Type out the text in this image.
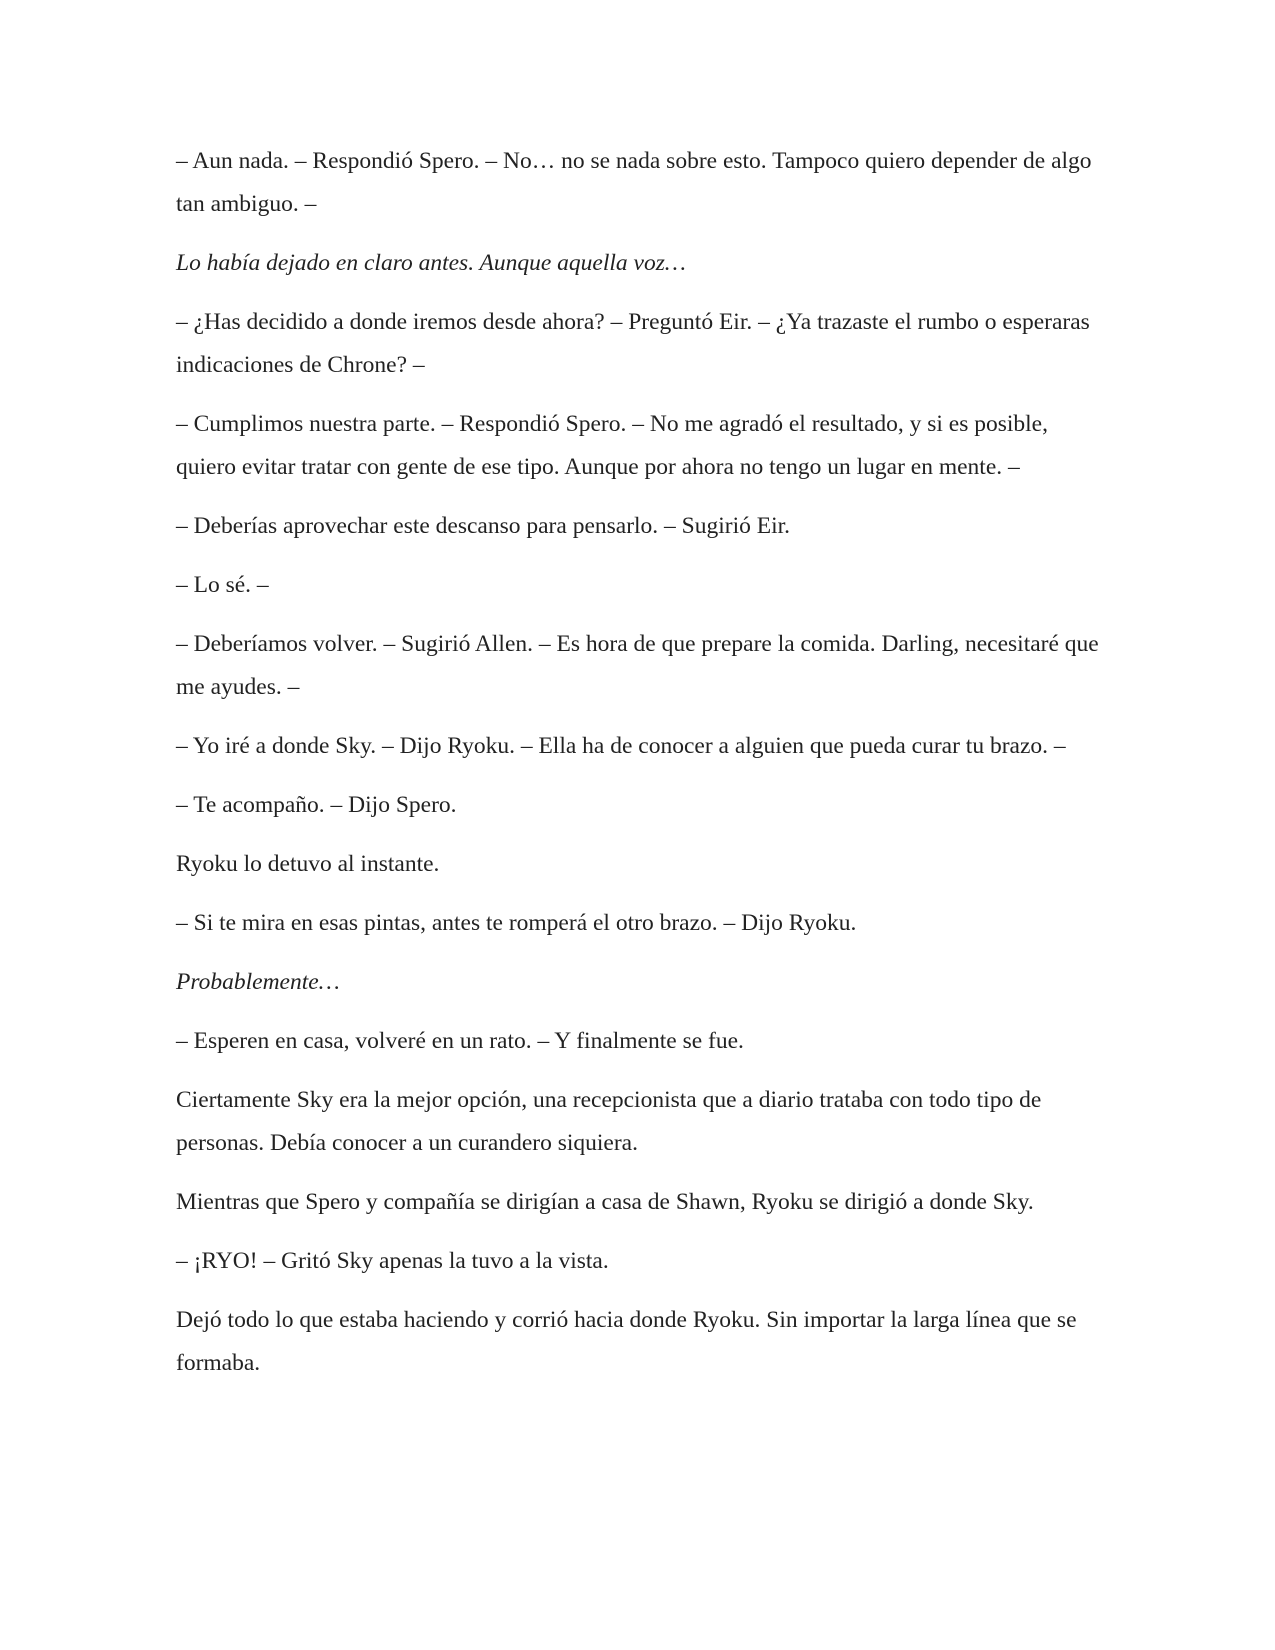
– Aun nada. – Respondió Spero. – No… no se nada sobre esto. Tampoco quiero depender de algo tan ambiguo. –

Lo había dejado en claro antes. Aunque aquella voz…

– ¿Has decidido a donde iremos desde ahora? – Preguntó Eir. – ¿Ya trazaste el rumbo o esperaras indicaciones de Chrone? –

– Cumplimos nuestra parte. – Respondió Spero. – No me agradó el resultado, y si es posible, quiero evitar tratar con gente de ese tipo. Aunque por ahora no tengo un lugar en mente. –

– Deberías aprovechar este descanso para pensarlo. – Sugirió Eir.

– Lo sé. –

– Deberíamos volver. – Sugirió Allen. – Es hora de que prepare la comida. Darling, necesitaré que me ayudes. –

– Yo iré a donde Sky. – Dijo Ryoku. – Ella ha de conocer a alguien que pueda curar tu brazo. –

– Te acompaño. – Dijo Spero.

Ryoku lo detuvo al instante.

– Si te mira en esas pintas, antes te romperá el otro brazo. – Dijo Ryoku.

Probablemente…

– Esperen en casa, volveré en un rato. – Y finalmente se fue.

Ciertamente Sky era la mejor opción, una recepcionista que a diario trataba con todo tipo de personas. Debía conocer a un curandero siquiera.

Mientras que Spero y compañía se dirigían a casa de Shawn, Ryoku se dirigió a donde Sky.

– ¡RYO! – Gritó Sky apenas la tuvo a la vista.

Dejó todo lo que estaba haciendo y corrió hacia donde Ryoku. Sin importar la larga línea que se formaba.
